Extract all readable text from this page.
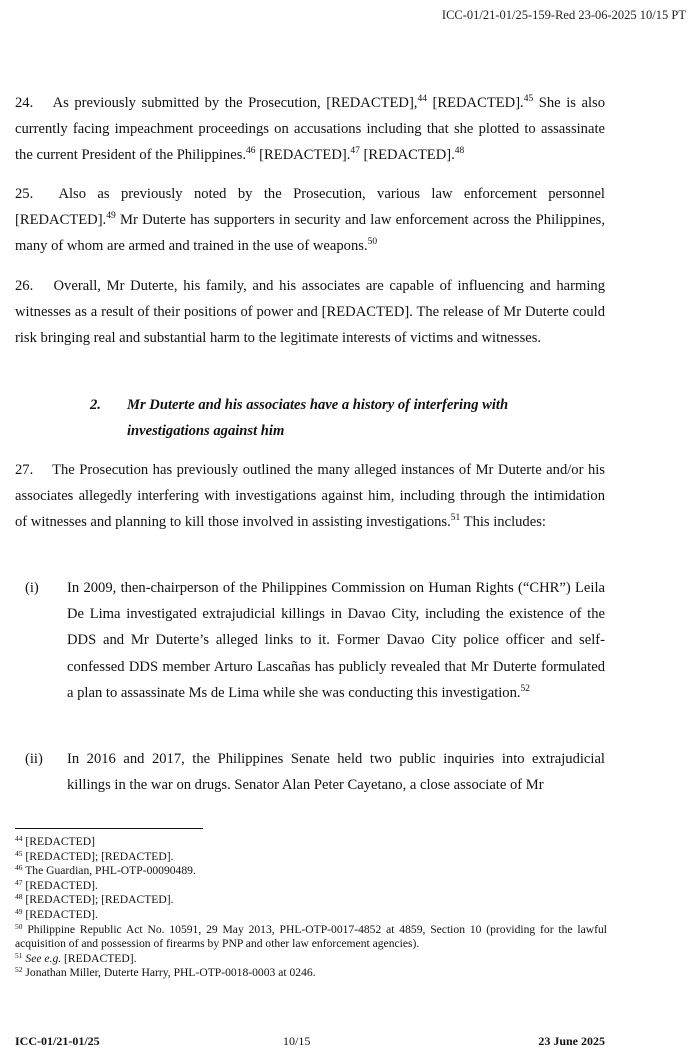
ICC-01/21-01/25-159-Red 23-06-2025 10/15 PT

24.  As previously submitted by the Prosecution, [REDACTED],$^{44}$ [REDACTED].$^{45}$ She is also currently facing impeachment proceedings on accusations including that she plotted to assassinate the current President of the Philippines.$^{46}$ [REDACTED].$^{47}$ [REDACTED].$^{48}$

25.  Also as previously noted by the Prosecution, various law enforcement personnel [REDACTED].$^{49}$ Mr Duterte has supporters in security and law enforcement across the Philippines, many of whom are armed and trained in the use of weapons.$^{50}$

26.  Overall, Mr Duterte, his family, and his associates are capable of influencing and harming witnesses as a result of their positions of power and [REDACTED]. The release of Mr Duterte could risk bringing real and substantial harm to the legitimate interests of victims and witnesses.

2. Mr Duterte and his associates have a history of interfering with
investigations against him

27.  The Prosecution has previously outlined the many alleged instances of Mr Duterte and/or his associates allegedly interfering with investigations against him, including through the intimidation of witnesses and planning to kill those involved in assisting investigations.$^{51}$ This includes:

(i)	In 2009, then-chairperson of the Philippines Commission on Human Rights (“CHR”) Leila De Lima investigated extrajudicial killings in Davao City, including the existence of the DDS and Mr Duterte’s alleged links to it. Former Davao City police officer and self-confessed DDS member Arturo Lascañas has publicly revealed that Mr Duterte formulated a plan to assassinate Ms de Lima while she was conducting this investigation.$^{52}$
(ii)	In 2016 and 2017, the Philippines Senate held two public inquiries into extrajudicial killings in the war on drugs. Senator Alan Peter Cayetano, a close associate of Mr
$^{44}$ [REDACTED]
$^{45}$ [REDACTED]; [REDACTED].
$^{46}$ The Guardian, PHL-OTP-00090489.
$^{47}$ [REDACTED].
$^{48}$ [REDACTED]; [REDACTED].
$^{49}$ [REDACTED].
$^{50}$ Philippine Republic Act No. 10591, 29 May 2013, PHL-OTP-0017-4852 at 4859, Section 10 (providing for the lawful acquisition of and possession of firearms by PNP and other law enforcement agencies).
$^{51}$ See e.g. [REDACTED].
$^{52}$ Jonathan Miller, Duterte Harry, PHL-OTP-0018-0003 at 0246.
ICC-01/21-01/25	10/15	23 June 2025
